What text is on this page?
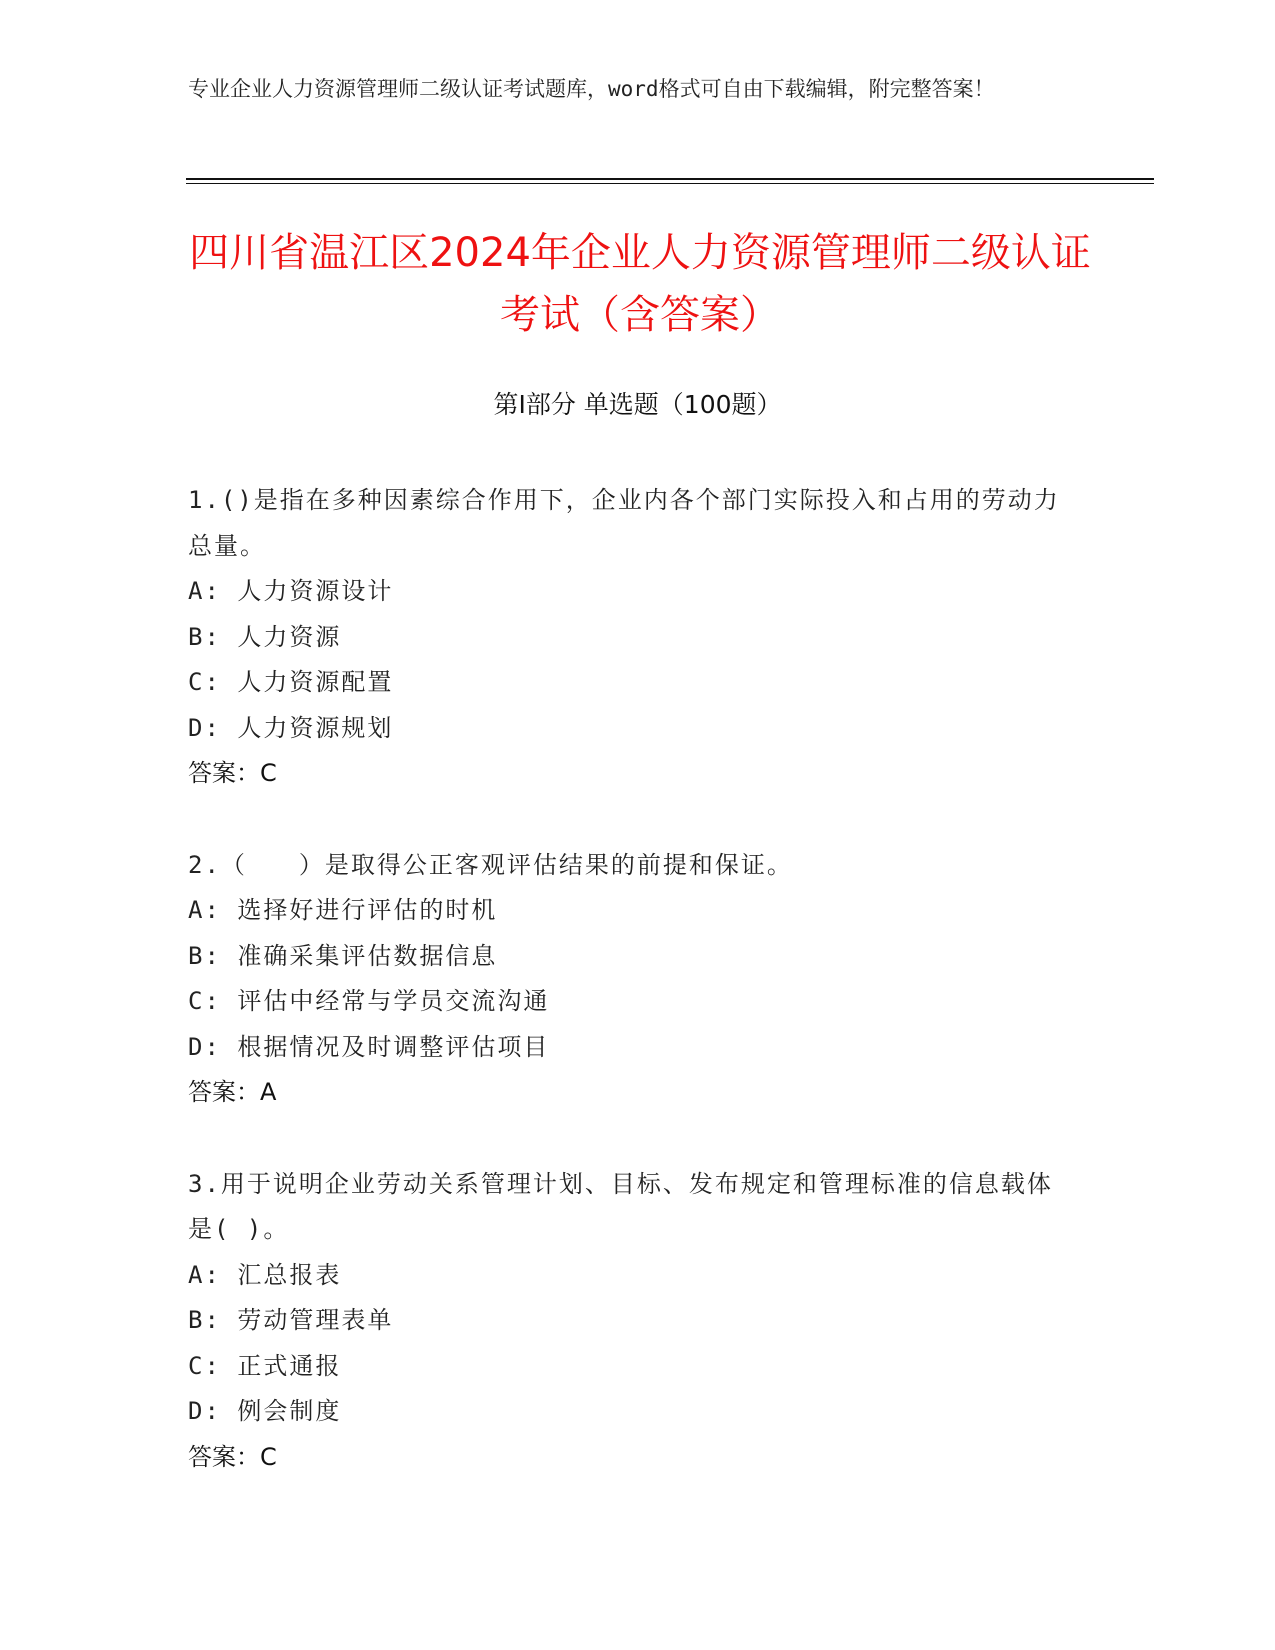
专业企业人力资源管理师二级认证考试题库，word格式可自由下载编辑，附完整答案！
四川省温江区2024年企业人力资源管理师二级认证考试（含答案）
第I部分 单选题（100题）
1.()是指在多种因素综合作用下，企业内各个部门实际投入和占用的劳动力总量。
A: 人力资源设计
B: 人力资源
C: 人力资源配置
D: 人力资源规划
答案：C
2.（　　）是取得公正客观评估结果的前提和保证。
A: 选择好进行评估的时机
B: 准确采集评估数据信息
C: 评估中经常与学员交流沟通
D: 根据情况及时调整评估项目
答案：A
3.用于说明企业劳动关系管理计划、目标、发布规定和管理标准的信息载体是( )。
A: 汇总报表
B: 劳动管理表单
C: 正式通报
D: 例会制度
答案：C
